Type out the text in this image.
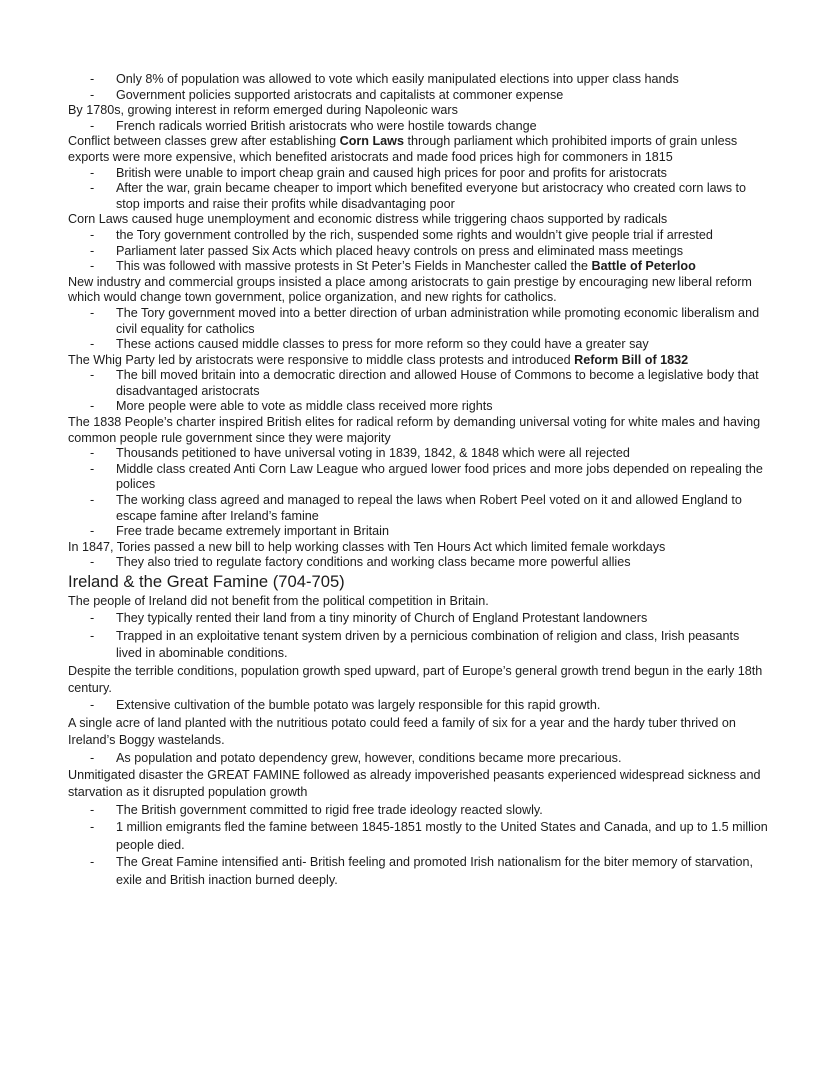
- Only 8% of population was allowed to vote which easily manipulated elections into upper class hands
- Government policies supported aristocrats and capitalists at commoner expense

By 1780s, growing interest in reform emerged during Napoleonic wars

- French radicals worried British aristocrats who were hostile towards change

Conflict between classes grew after establishing Corn Laws through parliament which prohibited imports of grain unless exports were more expensive, which benefited aristocrats and made food prices high for commoners in 1815

- British were unable to import cheap grain and caused high prices for poor and profits for aristocrats
- After the war, grain became cheaper to import which benefited everyone but aristocracy who created corn laws to stop imports and raise their profits while disadvantaging poor

Corn Laws caused huge unemployment and economic distress while triggering chaos supported by radicals

- the Tory government controlled by the rich, suspended some rights and wouldn’t give people trial if arrested
- Parliament later passed Six Acts which placed heavy controls on press and eliminated mass meetings
- This was followed with massive protests in St Peter’s Fields in Manchester called the Battle of Peterloo

New industry and commercial groups insisted a place among aristocrats to gain prestige by encouraging new liberal reform which would change town government, police organization, and new rights for catholics.

- The Tory government moved into a better direction of urban administration while promoting economic liberalism and civil equality for catholics
- These actions caused middle classes to press for more reform so they could have a greater say

The Whig Party led by aristocrats were responsive to middle class protests and introduced Reform Bill of 1832

- The bill moved britain into a democratic direction and allowed House of Commons to become a legislative body that disadvantaged aristocrats
- More people were able to vote as middle class received more rights

The 1838 People’s charter inspired British elites for radical reform by demanding universal voting for white males and having common people rule government since they were majority

- Thousands petitioned to have universal voting in 1839, 1842, & 1848 which were all rejected
- Middle class created Anti Corn Law League who argued lower food prices and more jobs depended on repealing the polices
- The working class agreed and managed to repeal the laws when Robert Peel voted on it and allowed England to escape famine after Ireland’s famine
- Free trade became extremely important in Britain

In 1847, Tories passed a new bill to help working classes with Ten Hours Act which limited female workdays

- They also tried to regulate factory conditions and working class became more powerful allies
Ireland & the Great Famine (704-705)

The people of Ireland did not benefit from the political competition in Britain.

- They typically rented their land from a tiny minority of Church of England Protestant landowners
- Trapped in an exploitative tenant system driven by a pernicious combination of religion and class, Irish peasants lived in abominable conditions.

Despite the terrible conditions, population growth sped upward, part of Europe’s general growth trend begun in the early 18th century.

- Extensive cultivation of the bumble potato was largely responsible for this rapid growth.

A single acre of land planted with the nutritious potato could feed a family of six for a year and the hardy tuber thrived on Ireland’s Boggy wastelands.

- As population and potato dependency grew, however, conditions became more precarious.

Unmitigated disaster the GREAT FAMINE followed as already impoverished peasants experienced widespread sickness and starvation as it disrupted population growth

- The British government committed to rigid free trade ideology reacted slowly.
- 1 million emigrants fled the famine between 1845-1851 mostly to the United States and Canada, and up to 1.5 million people died.
- The Great Famine intensified anti- British feeling and promoted Irish nationalism for the biter memory of starvation, exile and British inaction burned deeply.
